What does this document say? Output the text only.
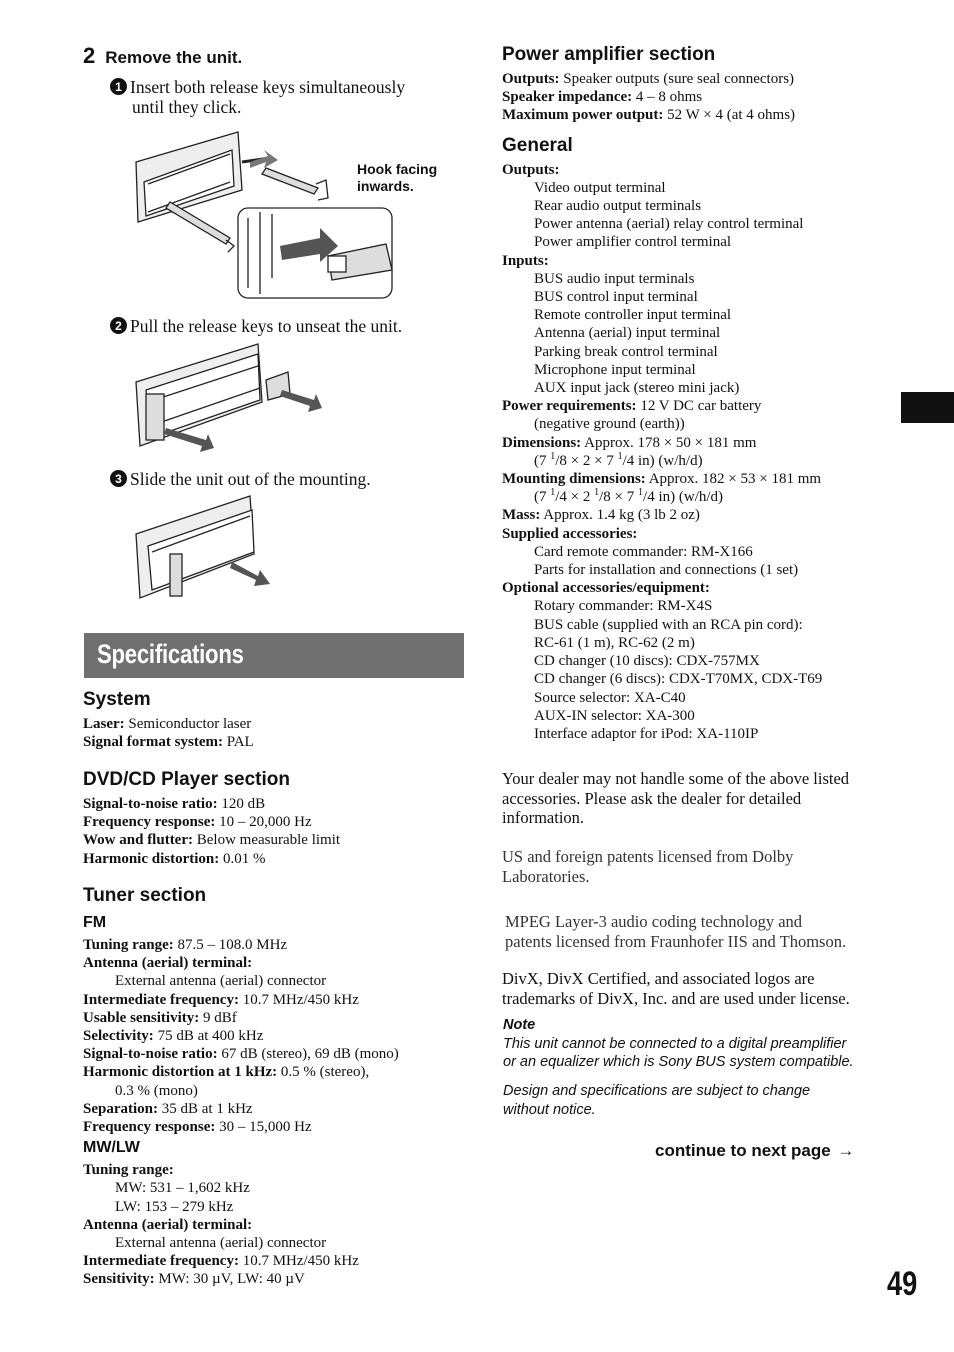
2 Remove the unit.
1 Insert both release keys simultaneously
until they click.
Hook facing
inwards.
2 Pull the release keys to unseat the unit.
3 Slide the unit out of the mounting.
Specifications
System
Laser: Semiconductor laser
Signal format system: PAL
DVD/CD Player section
Signal-to-noise ratio: 120 dB
Frequency response: 10 – 20,000 Hz
Wow and flutter: Below measurable limit
Harmonic distortion: 0.01 %
Tuner section
FM
Tuning range: 87.5 – 108.0 MHz
Antenna (aerial) terminal:
External antenna (aerial) connector
Intermediate frequency: 10.7 MHz/450 kHz
Usable sensitivity: 9 dBf
Selectivity: 75 dB at 400 kHz
Signal-to-noise ratio: 67 dB (stereo), 69 dB (mono)
Harmonic distortion at 1 kHz: 0.5 % (stereo),
0.3 % (mono)
Separation: 35 dB at 1 kHz
Frequency response: 30 – 15,000 Hz
MW/LW
Tuning range:
MW: 531 – 1,602 kHz
LW: 153 – 279 kHz
Antenna (aerial) terminal:
External antenna (aerial) connector
Intermediate frequency: 10.7 MHz/450 kHz
Sensitivity: MW: 30 µV, LW: 40 µV
Power amplifier section
Outputs: Speaker outputs (sure seal connectors)
Speaker impedance: 4 – 8 ohms
Maximum power output: 52 W × 4 (at 4 ohms)
General
Outputs:
Video output terminal
Rear audio output terminals
Power antenna (aerial) relay control terminal
Power amplifier control terminal
Inputs:
BUS audio input terminals
BUS control input terminal
Remote controller input terminal
Antenna (aerial) input terminal
Parking break control terminal
Microphone input terminal
AUX input jack (stereo mini jack)
Power requirements: 12 V DC car battery
(negative ground (earth))
Dimensions: Approx. 178 × 50 × 181 mm
(7 $^1$/8 × 2 × 7 $^1$/4 in) (w/h/d)
Mounting dimensions: Approx. 182 × 53 × 181 mm
(7 $^1$/4 × 2 $^1$/8 × 7 $^1$/4 in) (w/h/d)
Mass: Approx. 1.4 kg (3 lb 2 oz)
Supplied accessories:
Card remote commander: RM-X166
Parts for installation and connections (1 set)
Optional accessories/equipment:
Rotary commander: RM-X4S
BUS cable (supplied with an RCA pin cord):
RC-61 (1 m), RC-62 (2 m)
CD changer (10 discs): CDX-757MX
CD changer (6 discs): CDX-T70MX, CDX-T69
Source selector: XA-C40
AUX-IN selector: XA-300
Interface adaptor for iPod: XA-110IP
Your dealer may not handle some of the above listed
accessories. Please ask the dealer for detailed
information.
US and foreign patents licensed from Dolby
Laboratories.
MPEG Layer-3 audio coding technology and
patents licensed from Fraunhofer IIS and Thomson.
DivX, DivX Certified, and associated logos are
trademarks of DivX, Inc. and are used under license.
Note
This unit cannot be connected to a digital preamplifier
or an equalizer which is Sony BUS system compatible.
Design and specifications are subject to change
without notice.
continue to next page →
49
